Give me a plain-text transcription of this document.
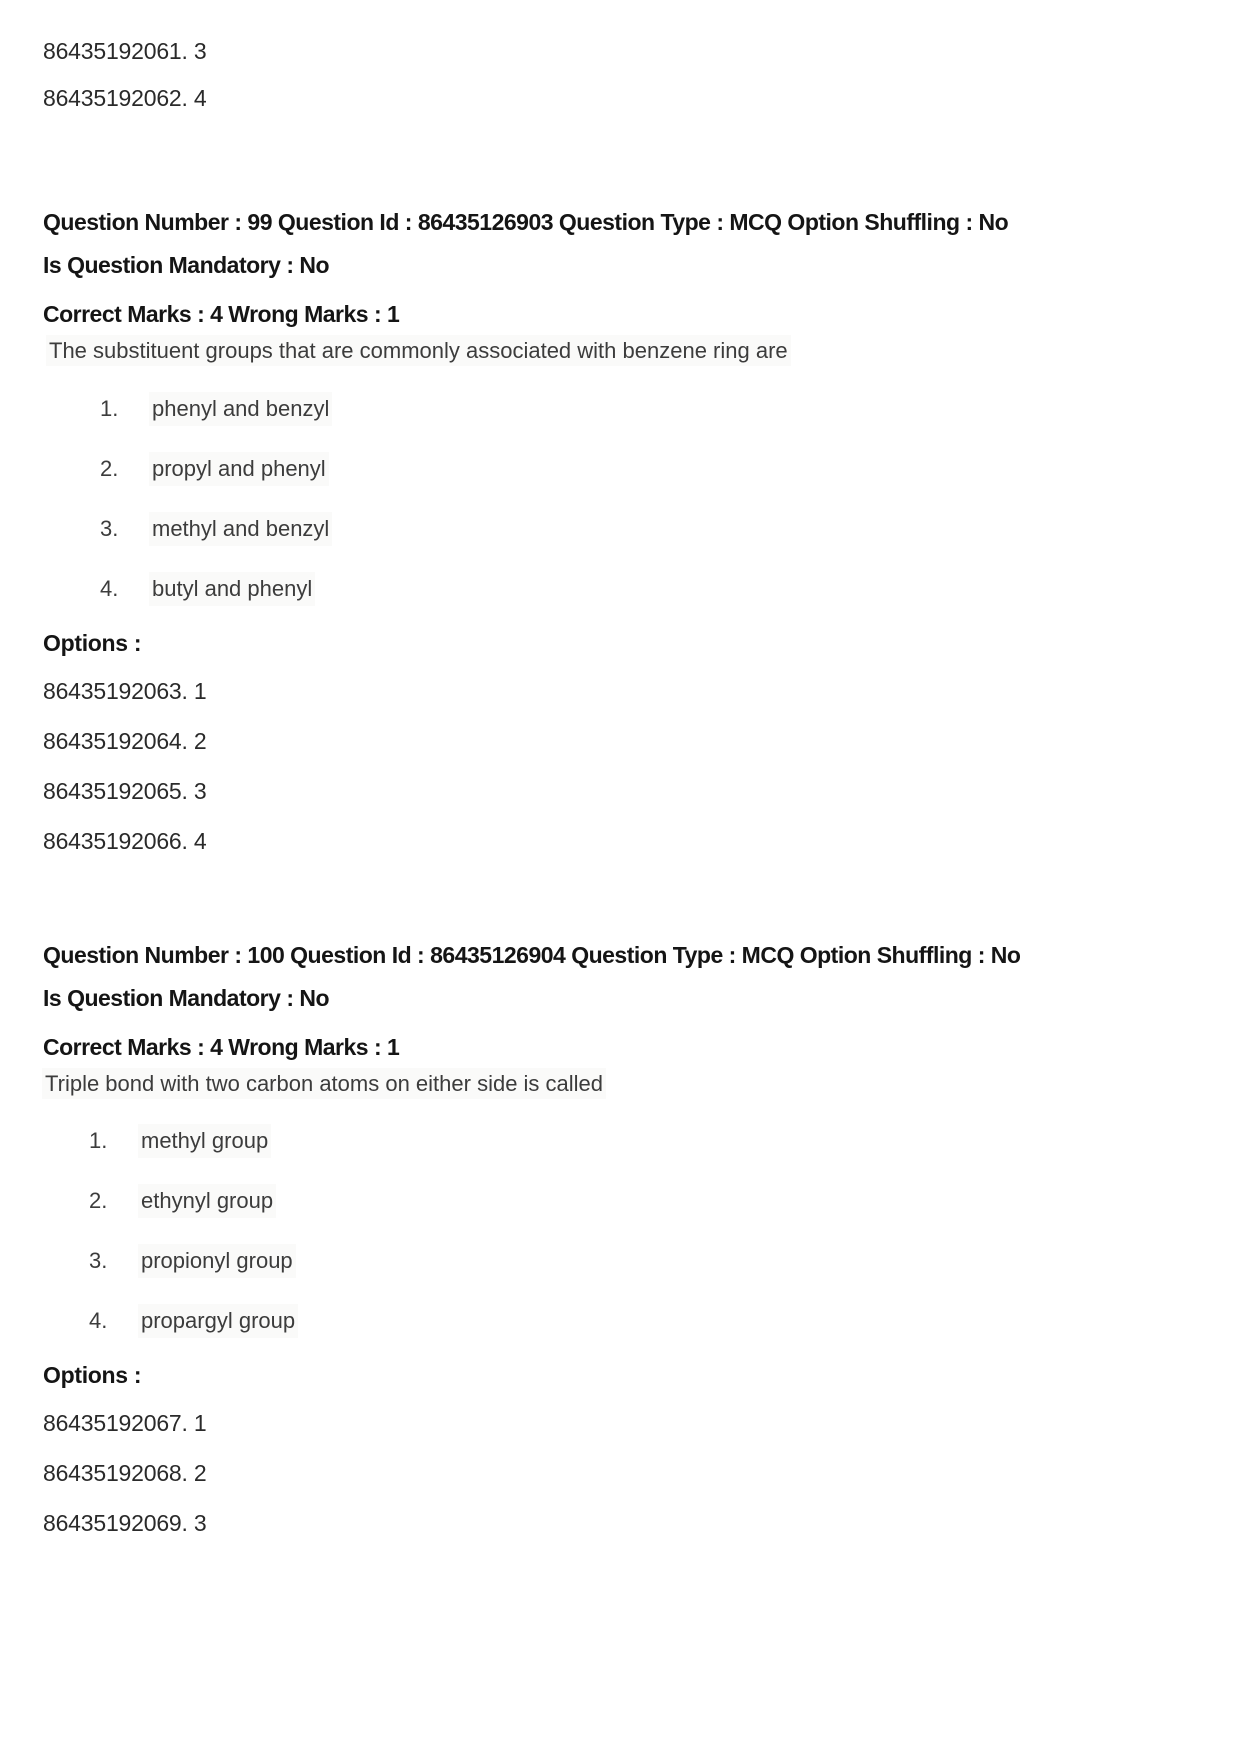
86435192061. 3
86435192062. 4
Question Number : 99 Question Id : 86435126903 Question Type : MCQ Option Shuffling : No
Is Question Mandatory : No
Correct Marks : 4 Wrong Marks : 1
The substituent groups that are commonly associated with benzene ring are
1.	phenyl and benzyl
2.	propyl and phenyl
3.	methyl and benzyl
4.	butyl and phenyl
Options :
86435192063. 1
86435192064. 2
86435192065. 3
86435192066. 4
Question Number : 100 Question Id : 86435126904 Question Type : MCQ Option Shuffling : No
Is Question Mandatory : No
Correct Marks : 4 Wrong Marks : 1
Triple bond with two carbon atoms on either side is called
1.	methyl group
2.	ethynyl group
3.	propionyl group
4.	propargyl group
Options :
86435192067. 1
86435192068. 2
86435192069. 3
